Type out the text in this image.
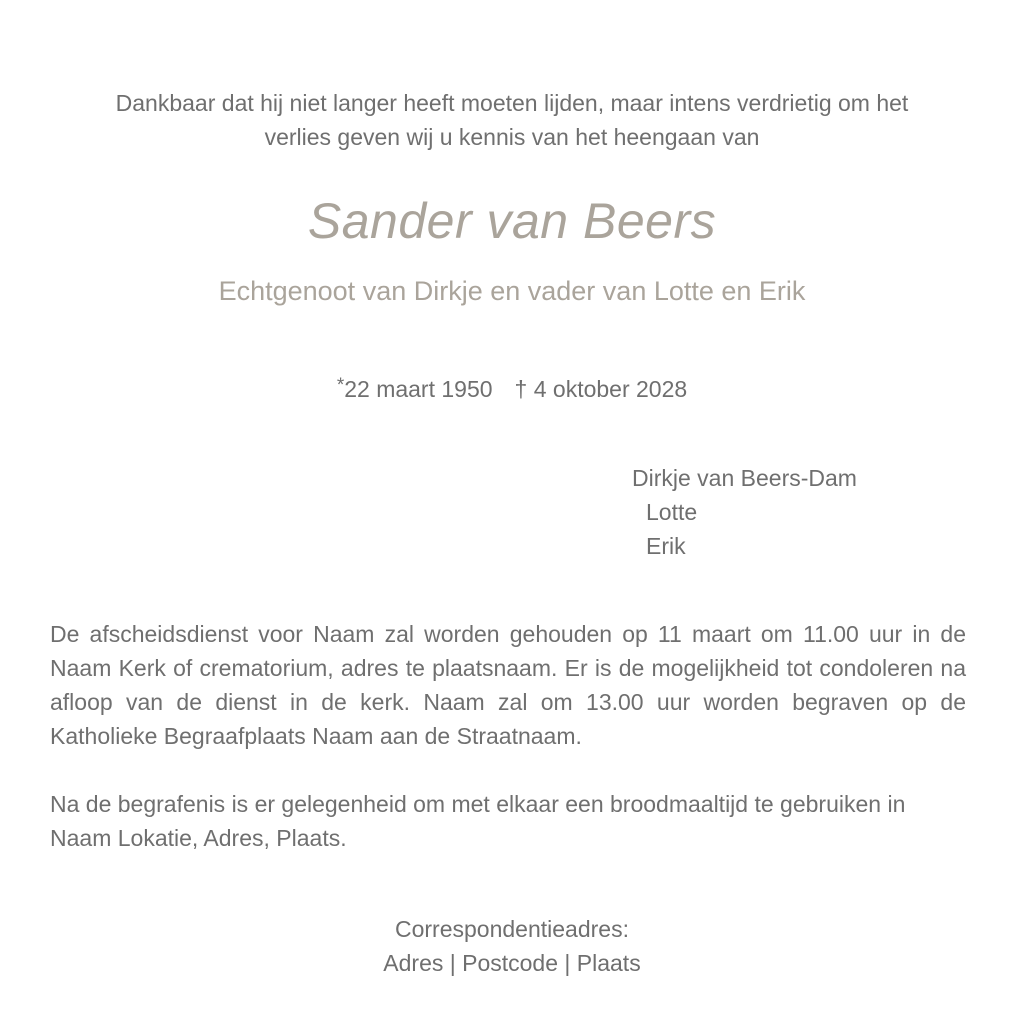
Dankbaar dat hij niet langer heeft moeten lijden, maar intens verdrietig om het
verlies geven wij u kennis van het heengaan van
Sander van Beers
Echtgenoot van Dirkje en vader van Lotte en Erik
*22 maart 1950 † 4 oktober 2028
Dirkje van Beers-Dam
Lotte
Erik

De afscheidsdienst voor Naam zal worden gehouden op 11 maart om 11.00 uur in de Naam Kerk of crematorium, adres te plaatsnaam. Er is de mogelijkheid tot condoleren na afloop van de dienst in de kerk. Naam zal om 13.00 uur worden begraven op de Katholieke Begraafplaats Naam aan de Straatnaam.

Na de begrafenis is er gelegenheid om met elkaar een broodmaaltijd te gebruiken in Naam Lokatie, Adres, Plaats.

Correspondentieadres:
Adres | Postcode | Plaats
